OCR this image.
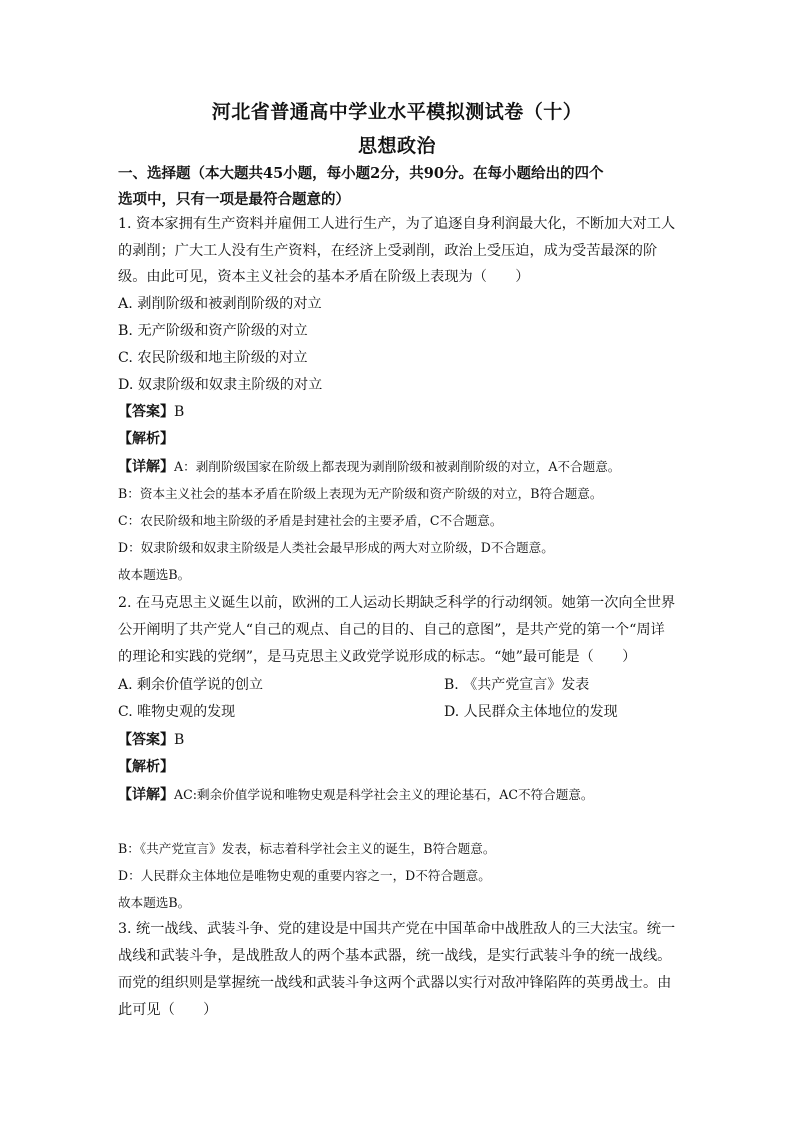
河北省普通高中学业水平模拟测试卷（十）
思想政治
一、选择题（本大题共45小题，每小题2分，共90分。在每小题给出的四个
选项中，只有一项是最符合题意的）
1. 资本家拥有生产资料并雇佣工人进行生产，为了追逐自身利润最大化，不断加大对工人
的剥削；广大工人没有生产资料，在经济上受剥削，政治上受压迫，成为受苦最深的阶
级。由此可见，资本主义社会的基本矛盾在阶级上表现为（　　）
A. 剥削阶级和被剥削阶级的对立
B. 无产阶级和资产阶级的对立
C. 农民阶级和地主阶级的对立
D. 奴隶阶级和奴隶主阶级的对立
【答案】B
【解析】
【详解】A：剥削阶级国家在阶级上都表现为剥削阶级和被剥削阶级的对立，A不合题意。
B：资本主义社会的基本矛盾在阶级上表现为无产阶级和资产阶级的对立，B符合题意。
C：农民阶级和地主阶级的矛盾是封建社会的主要矛盾，C不合题意。
D：奴隶阶级和奴隶主阶级是人类社会最早形成的两大对立阶级，D不合题意。
故本题选B。
2. 在马克思主义诞生以前，欧洲的工人运动长期缺乏科学的行动纲领。她第一次向全世界
公开阐明了共产党人“自己的观点、自己的目的、自己的意图”，是共产党的第一个“周详
的理论和实践的党纲”，是马克思主义政党学说形成的标志。“她”最可能是（　　）
A. 剩余价值学说的创立	B. 《共产党宣言》发表
C. 唯物史观的发现	D. 人民群众主体地位的发现
【答案】B
【解析】
【详解】AC:剩余价值学说和唯物史观是科学社会主义的理论基石，AC不符合题意。
B：《共产党宣言》发表，标志着科学社会主义的诞生，B符合题意。
D：人民群众主体地位是唯物史观的重要内容之一，D不符合题意。
故本题选B。
3. 统一战线、武装斗争、党的建设是中国共产党在中国革命中战胜敌人的三大法宝。统一
战线和武装斗争，是战胜敌人的两个基本武器，统一战线，是实行武装斗争的统一战线。
而党的组织则是掌握统一战线和武装斗争这两个武器以实行对敌冲锋陷阵的英勇战士。由
此可见（　　）
